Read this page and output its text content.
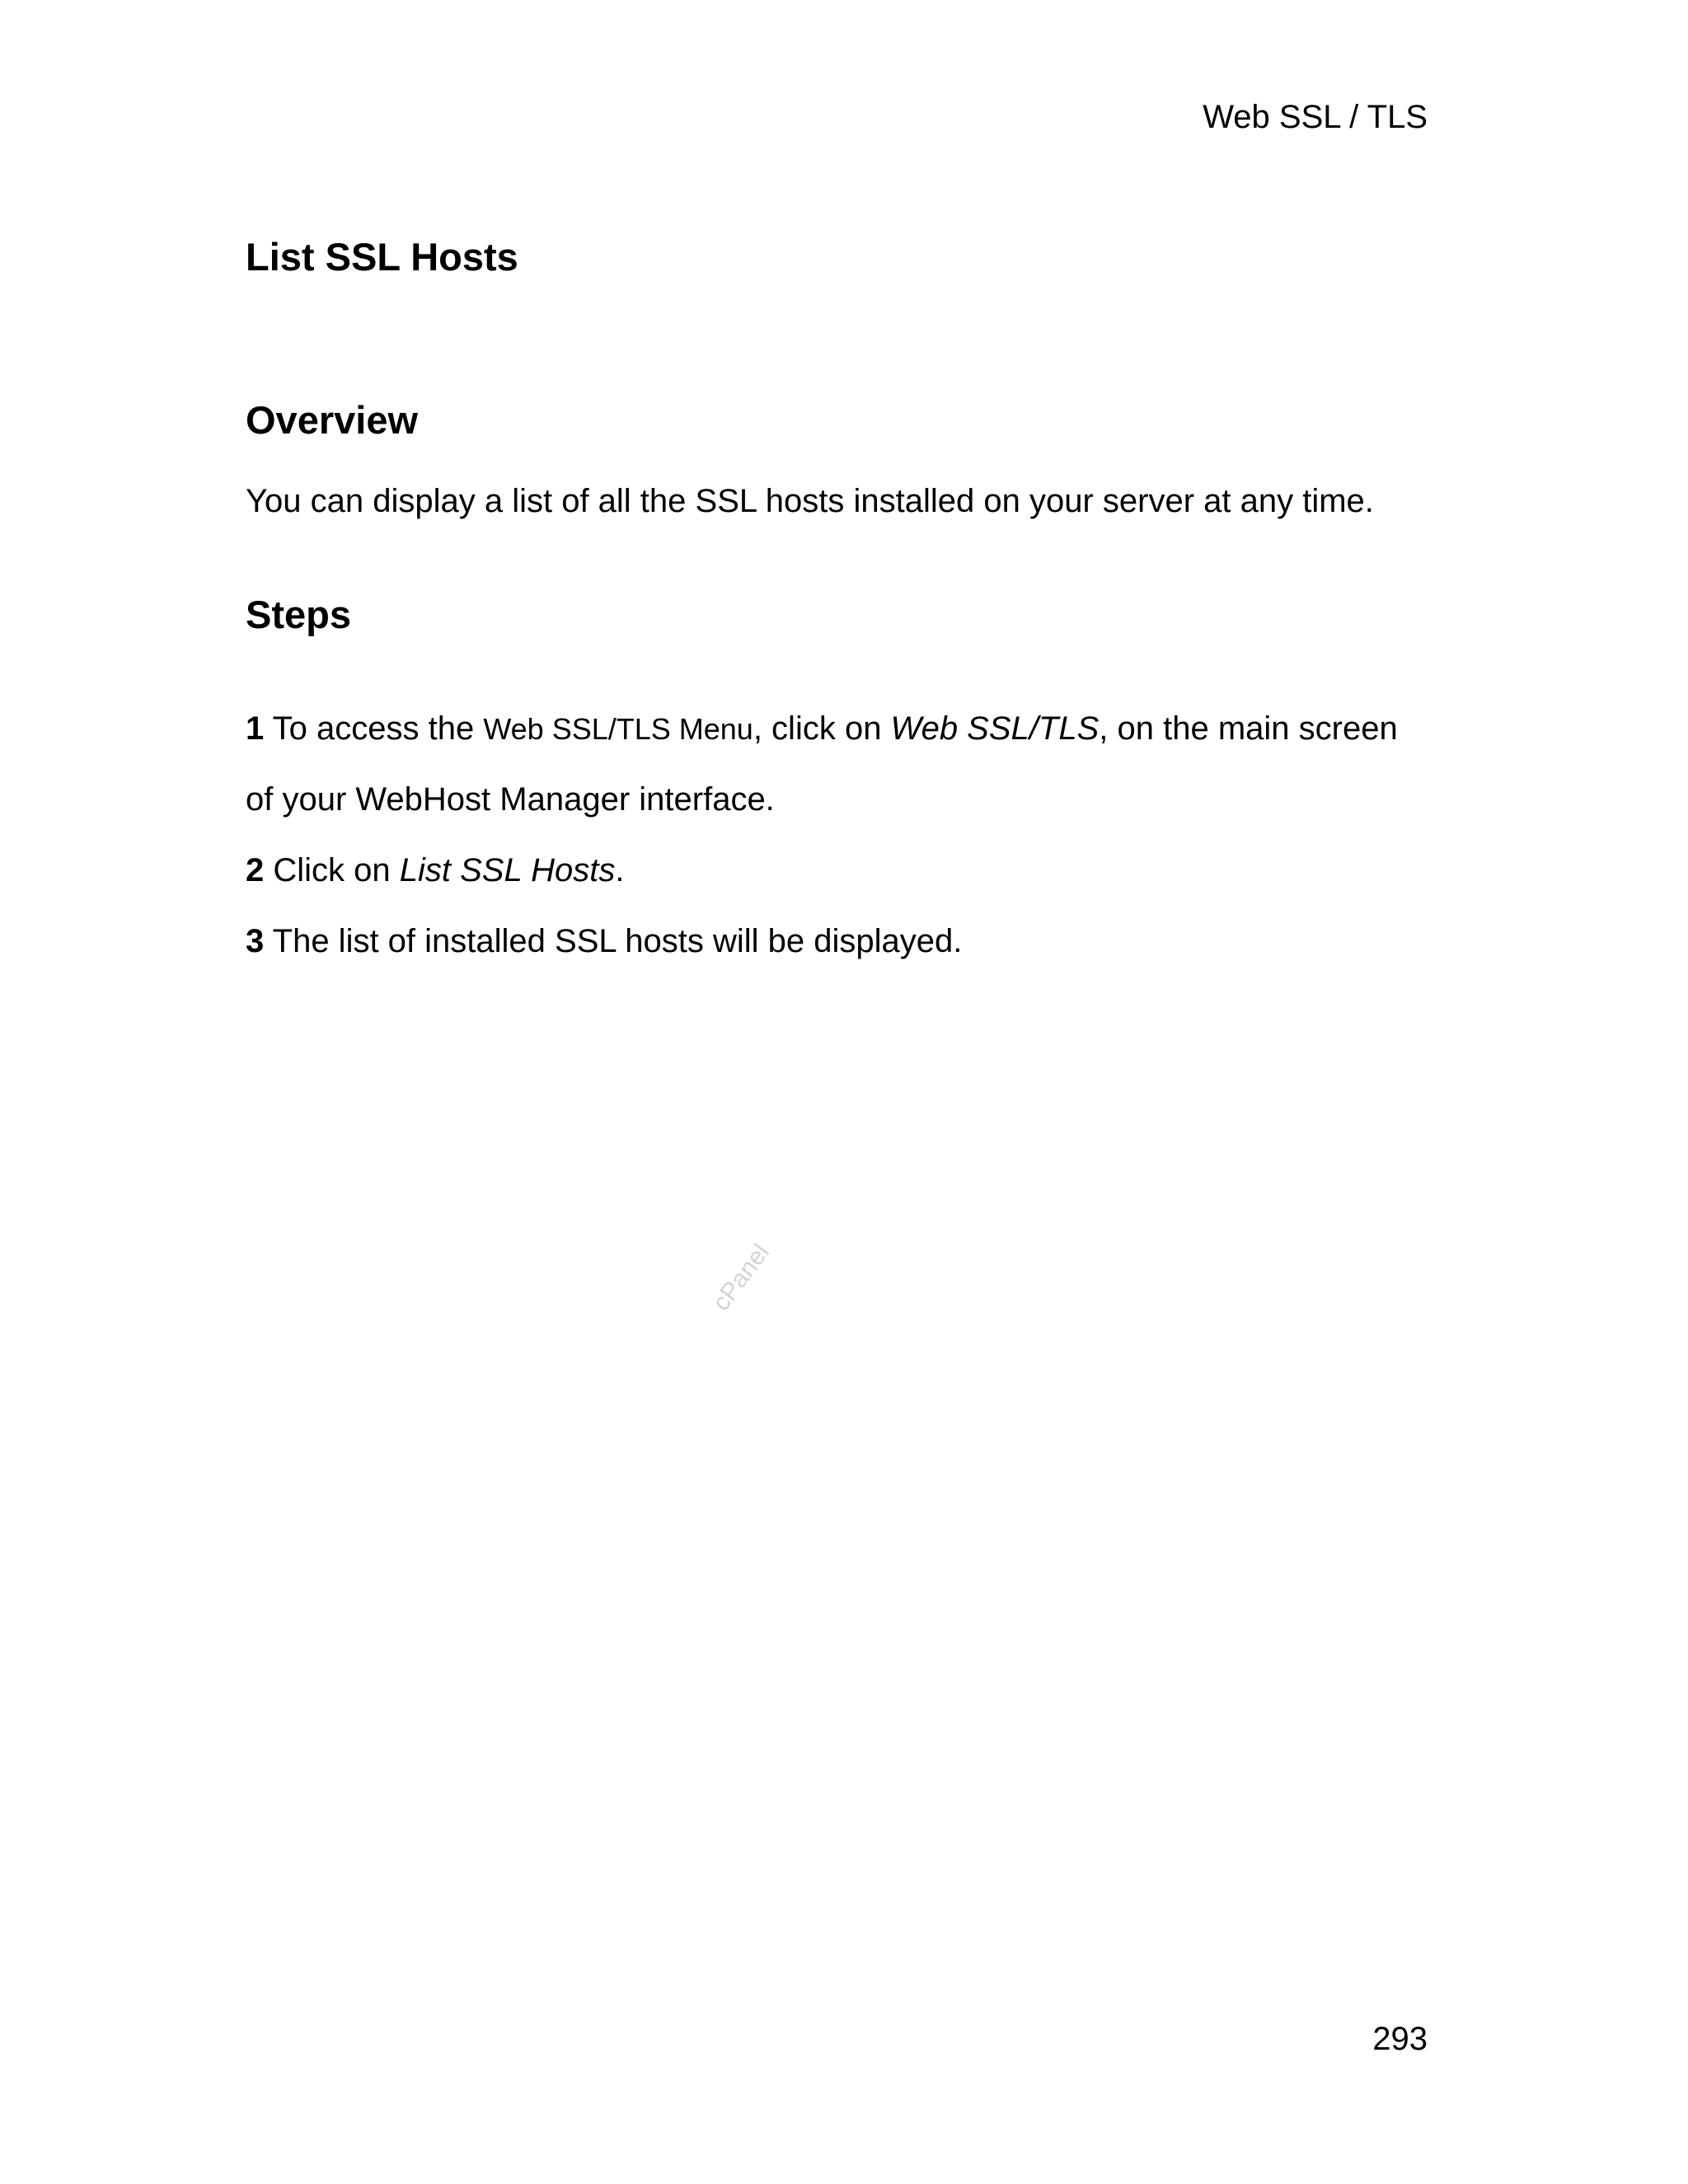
Web SSL / TLS
List SSL Hosts
Overview

You can display a list of all the SSL hosts installed on your server at any time.

Steps

1 To access the Web SSL/TLS Menu, click on Web SSL/TLS, on the main screen

of your WebHost Manager interface.

2 Click on List SSL Hosts.

3 The list of installed SSL hosts will be displayed.

cPanel
293
